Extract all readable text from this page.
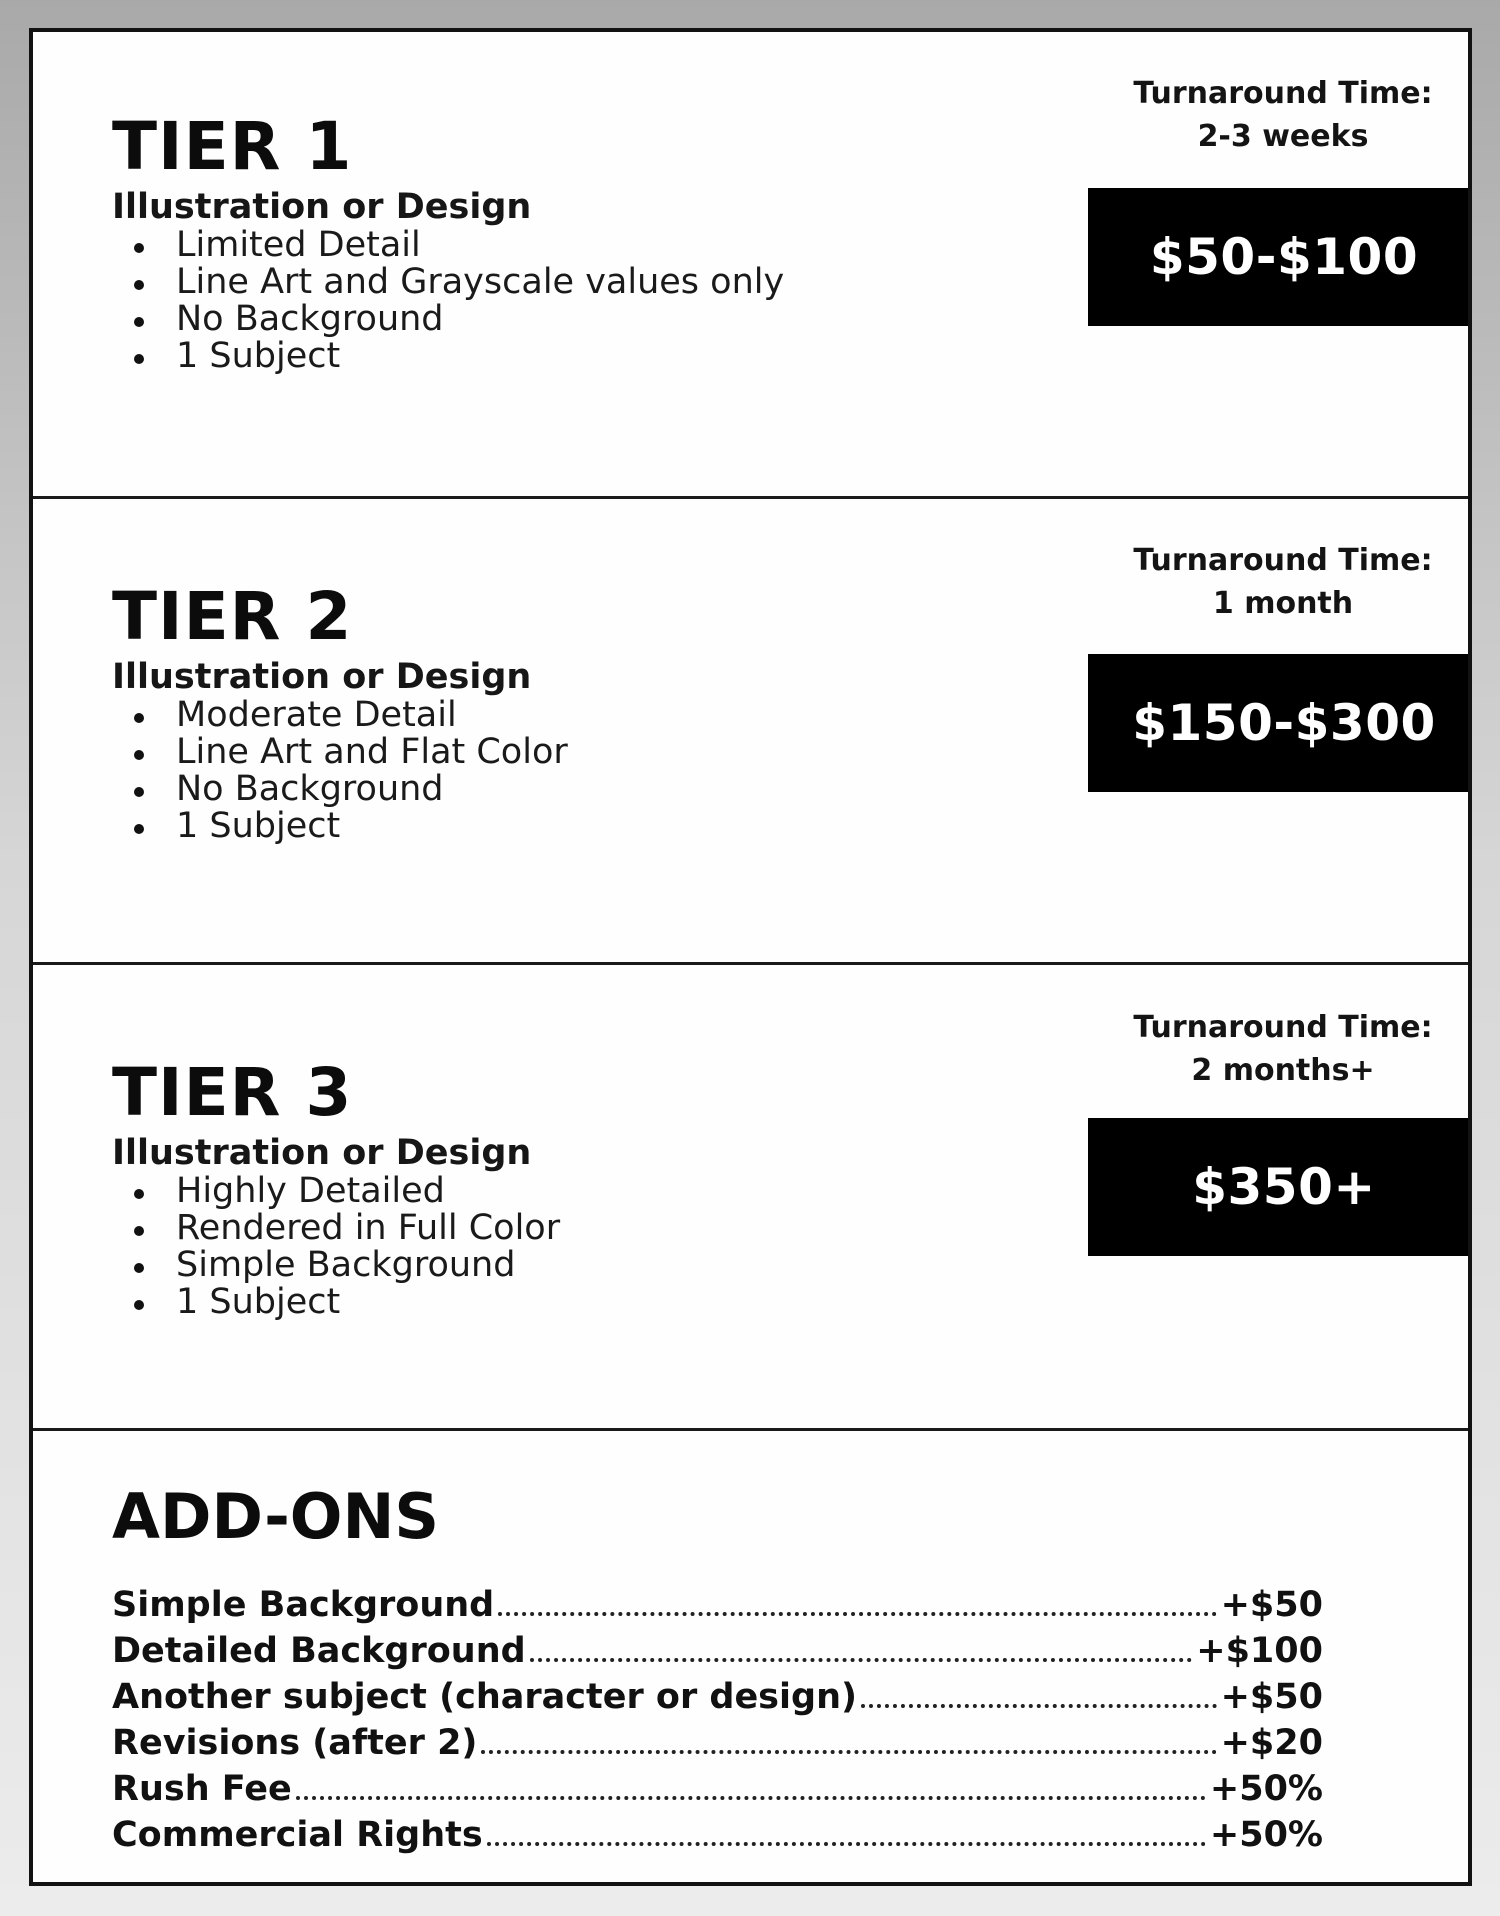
TIER 1
Illustration or Design
Limited Detail
Line Art and Grayscale values only
No Background
1 Subject
Turnaround Time:
2-3 weeks
$50-$100
TIER 2
Illustration or Design
Moderate Detail
Line Art and Flat Color
No Background
1 Subject
Turnaround Time:
1 month
$150-$300
TIER 3
Illustration or Design
Highly Detailed
Rendered in Full Color
Simple Background
1 Subject
Turnaround Time:
2 months+
$350+
ADD-ONS
Simple Background	+$50
Detailed Background	+$100
Another subject (character or design)	+$50
Revisions (after 2)	+$20
Rush Fee	+50%
Commercial Rights	+50%
